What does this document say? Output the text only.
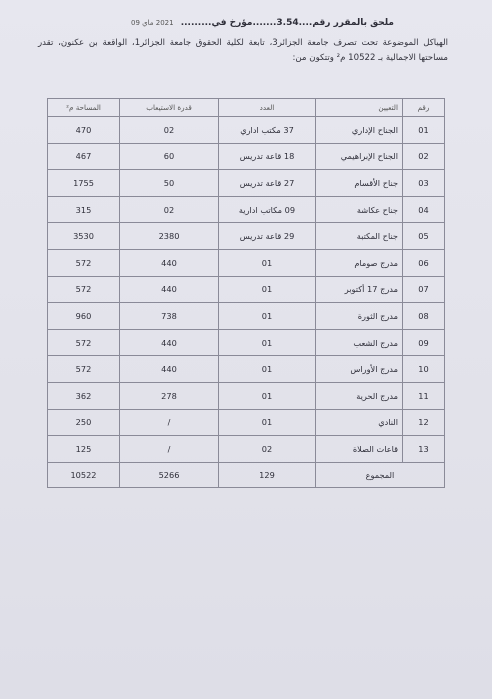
ملحق بالمقرر رقم....3.54.......مؤرخ في......... 2021 ماي 09
الهياكل الموضوعة تحت تصرف جامعة الجزائر3، تابعة لكلية الحقوق جامعة الجزائر1، الواقعة بن عكنون، تقدر مساحتها الاجمالية بـ 10522 م² وتتكون من:
رقم	التعيين	العدد	قدرة الاستيعاب	المساحة م²
01	الجناح الإداري	37 مكتب اداري	02	470
02	الجناح الإبراهيمي	18 قاعة تدريس	60	467
03	جناح الأقسام	27 قاعة تدريس	50	1755
04	جناح عكاشة	09 مكاتب ادارية	02	315
05	جناح المكتبة	29 قاعة تدريس	2380	3530
06	مدرج صومام	01	440	572
07	مدرج 17 أكتوبر	01	440	572
08	مدرج الثورة	01	738	960
09	مدرج الشعب	01	440	572
10	مدرج الأوراس	01	440	572
11	مدرج الحرية	01	278	362
12	النادي	01	/	250
13	قاعات الصلاة	02	/	125
المجموع		129	5266	10522
